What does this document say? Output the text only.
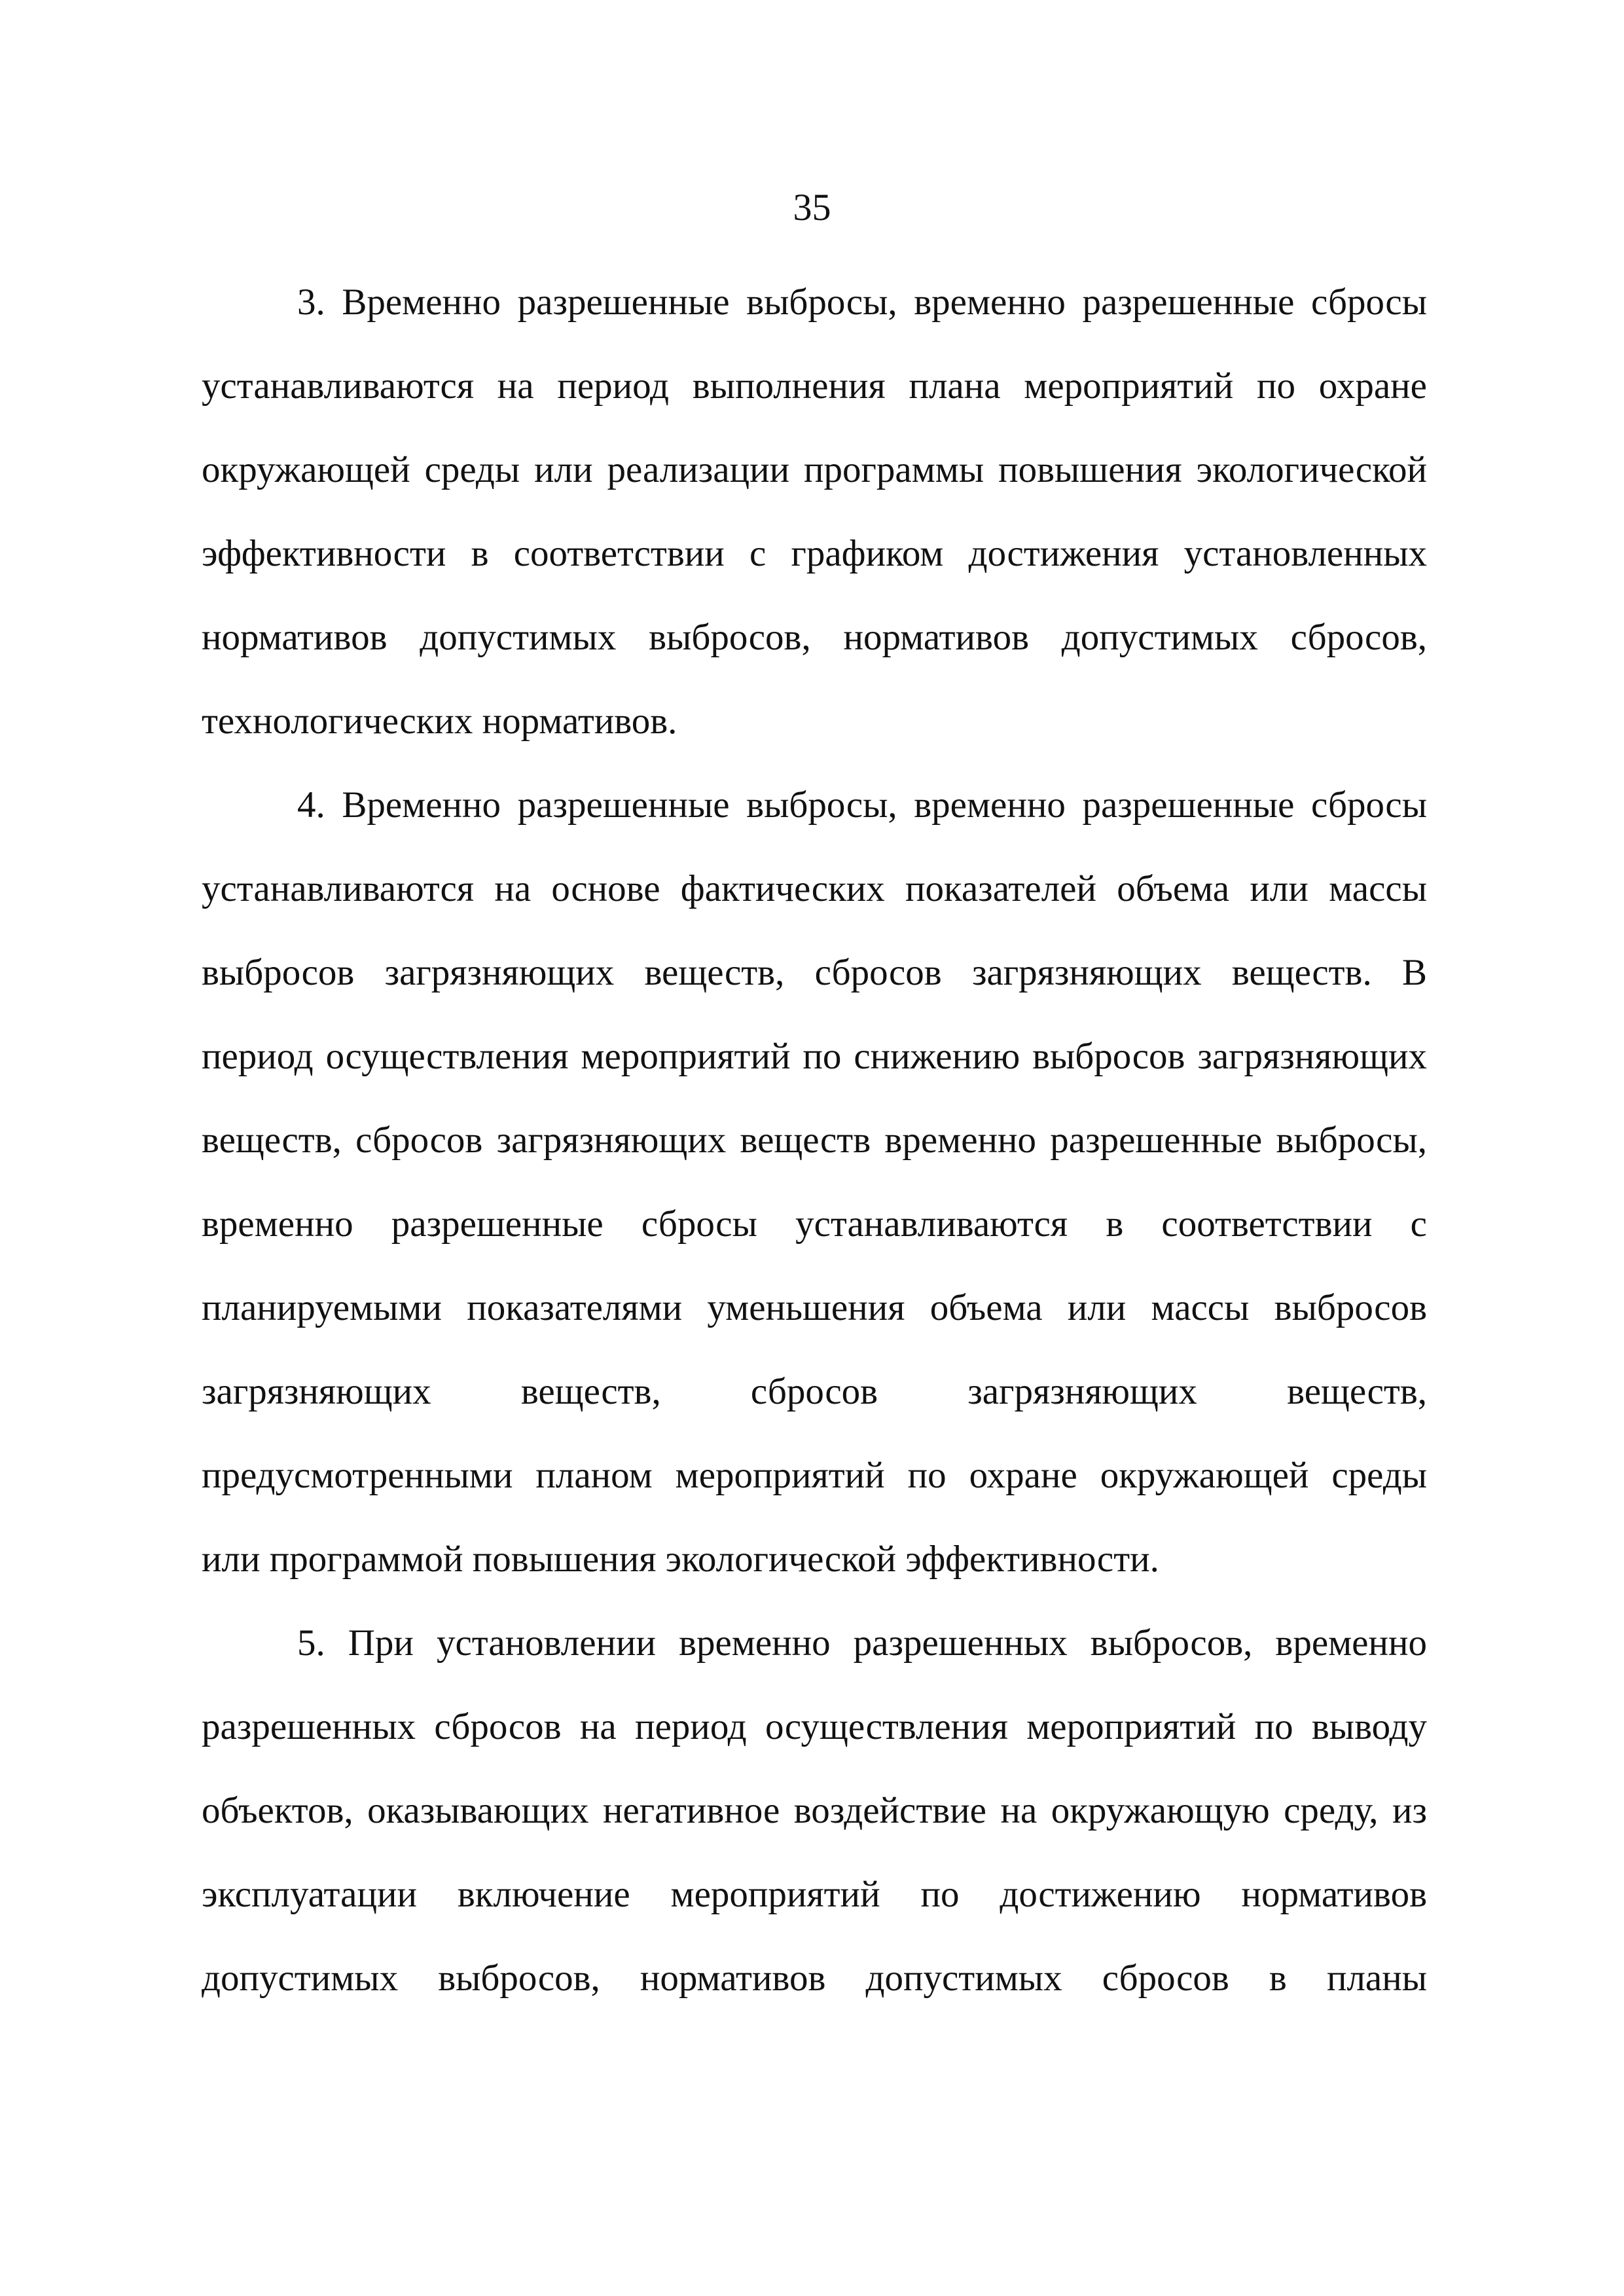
35
3. Временно разрешенные выбросы, временно разрешенные сбросы
устанавливаются на период выполнения плана мероприятий по охране
окружающей среды или реализации программы повышения экологической
эффективности в соответствии с графиком достижения установленных
нормативов допустимых выбросов, нормативов допустимых сбросов,
технологических нормативов.
4. Временно разрешенные выбросы, временно разрешенные сбросы
устанавливаются на основе фактических показателей объема или массы
выбросов загрязняющих веществ, сбросов загрязняющих веществ. В
период осуществления мероприятий по снижению выбросов загрязняющих
веществ, сбросов загрязняющих веществ временно разрешенные выбросы,
временно разрешенные сбросы устанавливаются в соответствии с
планируемыми показателями уменьшения объема или массы выбросов
загрязняющих веществ, сбросов загрязняющих веществ,
предусмотренными планом мероприятий по охране окружающей среды
или программой повышения экологической эффективности.
5. При установлении временно разрешенных выбросов, временно
разрешенных сбросов на период осуществления мероприятий по выводу
объектов, оказывающих негативное воздействие на окружающую среду, из
эксплуатации включение мероприятий по достижению нормативов
допустимых выбросов, нормативов допустимых сбросов в планы
